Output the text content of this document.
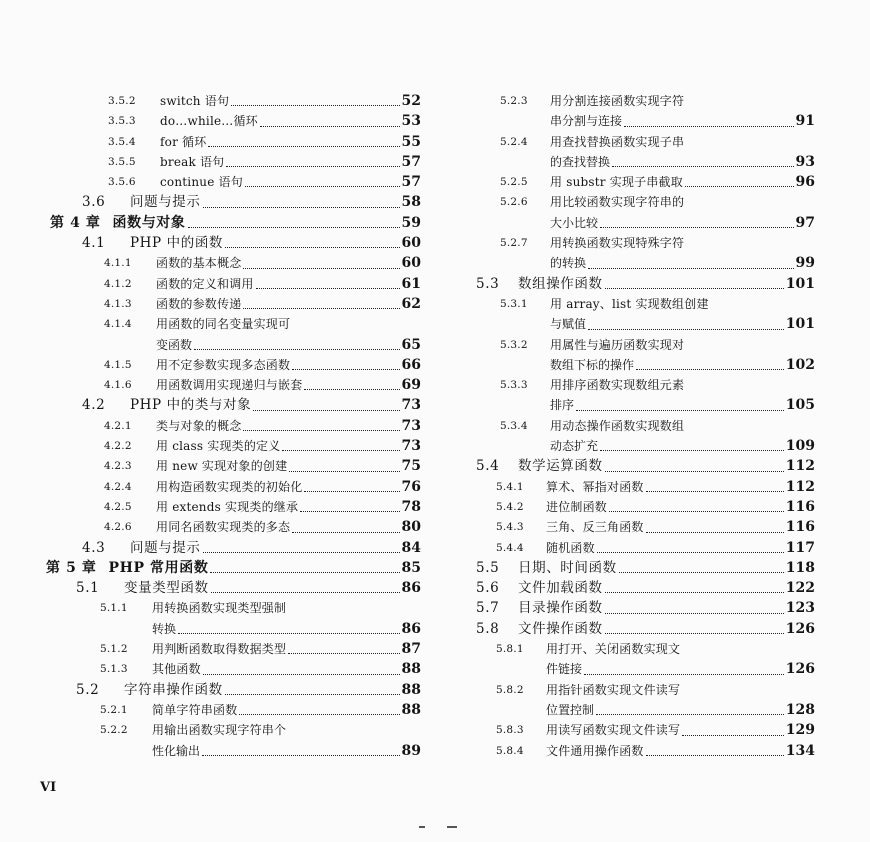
3.5.2	switch 语句	52
3.5.3	do…while…循环	53
3.5.4	for 循环	55
3.5.5	break 语句	57
3.5.6	continue 语句	57
3.6	问题与提示	58
第 4 章 函数与对象	59
4.1	PHP 中的函数	60
4.1.1	函数的基本概念	60
4.1.2	函数的定义和调用	61
4.1.3	函数的参数传递	62
4.1.4	用函数的同名变量实现可
变函数	65
4.1.5	用不定参数实现多态函数	66
4.1.6	用函数调用实现递归与嵌套	69
4.2	PHP 中的类与对象	73
4.2.1	类与对象的概念	73
4.2.2	用 class 实现类的定义	73
4.2.3	用 new 实现对象的创建	75
4.2.4	用构造函数实现类的初始化	76
4.2.5	用 extends 实现类的继承	78
4.2.6	用同名函数实现类的多态	80
4.3	问题与提示	84
第 5 章 PHP 常用函数	85
5.1	变量类型函数	86
5.1.1	用转换函数实现类型强制
转换	86
5.1.2	用判断函数取得数据类型	87
5.1.3	其他函数	88
5.2	字符串操作函数	88
5.2.1	简单字符串函数	88
5.2.2	用输出函数实现字符串个
性化输出	89
5.2.3	用分割连接函数实现字符
串分割与连接	91
5.2.4	用查找替换函数实现子串
的查找替换	93
5.2.5	用 substr 实现子串截取	96
5.2.6	用比较函数实现字符串的
大小比较	97
5.2.7	用转换函数实现特殊字符
的转换	99
5.3	数组操作函数	101
5.3.1	用 array、list 实现数组创建
与赋值	101
5.3.2	用属性与遍历函数实现对
数组下标的操作	102
5.3.3	用排序函数实现数组元素
排序	105
5.3.4	用动态操作函数实现数组
动态扩充	109
5.4	数学运算函数	112
5.4.1	算术、幂指对函数	112
5.4.2	进位制函数	116
5.4.3	三角、反三角函数	116
5.4.4	随机函数	117
5.5	日期、时间函数	118
5.6	文件加载函数	122
5.7	目录操作函数	123
5.8	文件操作函数	126
5.8.1	用打开、关闭函数实现文
件链接	126
5.8.2	用指针函数实现文件读写
位置控制	128
5.8.3	用读写函数实现文件读写	129
5.8.4	文件通用操作函数	134
VI
